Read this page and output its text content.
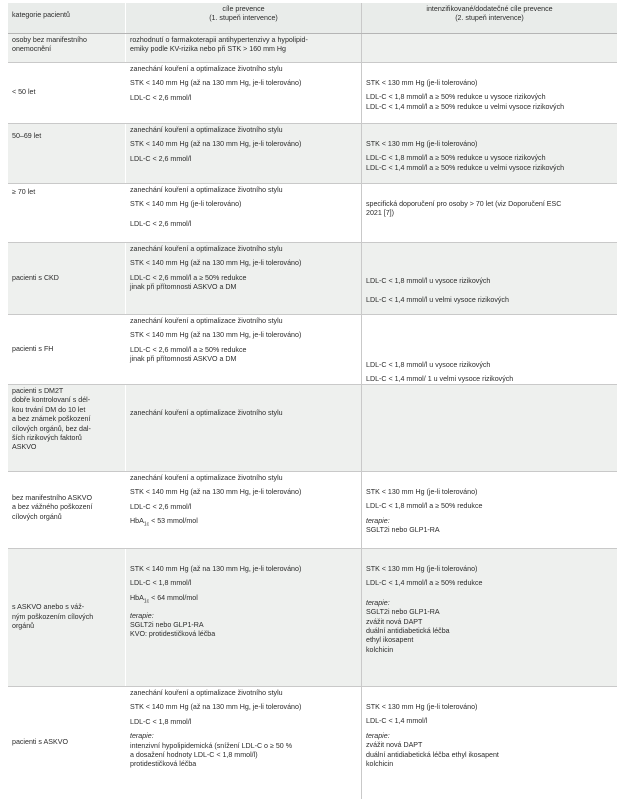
kategorie pacientů
cíle prevence
(1. stupeň intervence)
intenzifikované/dodatečné cíle prevence
(2. stupeň intervence)
osoby bez manifestního
onemocnění
rozhodnutí o farmakoterapii antihypertenzivy a hypolipid-
emiky podle KV-rizika nebo při STK > 160 mm Hg
< 50 let
zanechání kouření a optimalizace životního stylu
STK < 140 mm Hg (až na 130 mm Hg, je-li tolerováno)
LDL-C < 2,6 mmol/l
STK < 130 mm Hg (je-li tolerováno)
LDL-C < 1,8 mmol/l a ≥ 50% redukce u vysoce rizikových
LDL-C < 1,4 mmol/l a ≥ 50% redukce u velmi vysoce rizikových
50–69 let
zanechání kouření a optimalizace životního stylu
STK < 140 mm Hg (až na 130 mm Hg, je-li tolerováno)
LDL-C < 2,6 mmol/l
STK < 130 mm Hg (je-li tolerováno)
LDL-C < 1,8 mmol/l a ≥ 50% redukce u vysoce rizikových
LDL-C < 1,4 mmol/l a ≥ 50% redukce u velmi vysoce rizikových
≥ 70 let	zanechání kouření a optimalizace životního stylu
STK < 140 mm Hg (je-li tolerováno)
LDL-C < 2,6 mmol/l
specifická doporučení pro osoby > 70 let (viz Doporučení ESC
2021 [7])
pacienti s CKD
zanechání kouření a optimalizace životního stylu
STK < 140 mm Hg (až na 130 mm Hg, je-li tolerováno)
LDL-C < 2,6 mmol/l a ≥ 50% redukce
jinak při přítomnosti ASKVO a DM
LDL-C < 1,8 mmol/l u vysoce rizikových
LDL-C < 1,4 mmol/l u velmi vysoce rizikových
pacienti s FH
zanechání kouření a optimalizace životního stylu
STK < 140 mm Hg (až na 130 mm Hg, je-li tolerováno)
LDL-C < 2,6 mmol/l a ≥ 50% redukce
jinak při přítomnosti ASKVO a DM
LDL-C < 1,8 mmol/l u vysoce rizikových
LDL-C < 1,4 mmol/ 1 u velmi vysoce rizikových
pacienti s DM2T
dobře kontrolovaní s dél-
kou trvání DM do 10 let
a bez známek poškození
cílových orgánů, bez dal-
ších rizikových faktorů
ASKVO
zanechání kouření a optimalizace životního stylu
bez manifestního ASKVO
a bez vážného poškození
cílových orgánů
zanechání kouření a optimalizace životního stylu
STK < 140 mm Hg (až na 130 mm Hg, je-li tolerováno)
LDL-C < 2,6 mmol/l
HbA$_{1c}$ < 53 mmol/mol
STK < 130 mm Hg (je-li tolerováno)
LDL-C < 1,8 mmol/l a ≥ 50% redukce
terapie:
SGLT2i nebo GLP1-RA
s ASKVO anebo s váž-
ným poškozením cílových
orgánů
STK < 140 mm Hg (až na 130 mm Hg, je-li tolerováno)
LDL-C < 1,8 mmol/l
HbA$_{1c}$ < 64 mmol/mol
terapie:
SGLT2i nebo GLP1-RA
KVO: protidestičková léčba
STK < 130 mm Hg (je-li tolerováno)
LDL-C < 1,4 mmol/l a ≥ 50% redukce
terapie:
SGLT2i nebo GLP1-RA
zvážit nová DAPT
duální antidiabetická léčba
ethyl ikosapent
kolchicin
pacienti s ASKVO
zanechání kouření a optimalizace životního stylu
STK < 140 mm Hg (až na 130 mm Hg, je-li tolerováno)
LDL-C < 1,8 mmol/l
terapie:
intenzivní hypolipidemická (snížení LDL-C o ≥ 50 %
a dosažení hodnoty LDL-C < 1,8 mmol/l)
protidestičková léčba
STK < 130 mm Hg (je-li tolerováno)
LDL-C < 1,4 mmol/l
terapie:
zvážit nová DAPT
duální antidiabetická léčba ethyl ikosapent
kolchicin
